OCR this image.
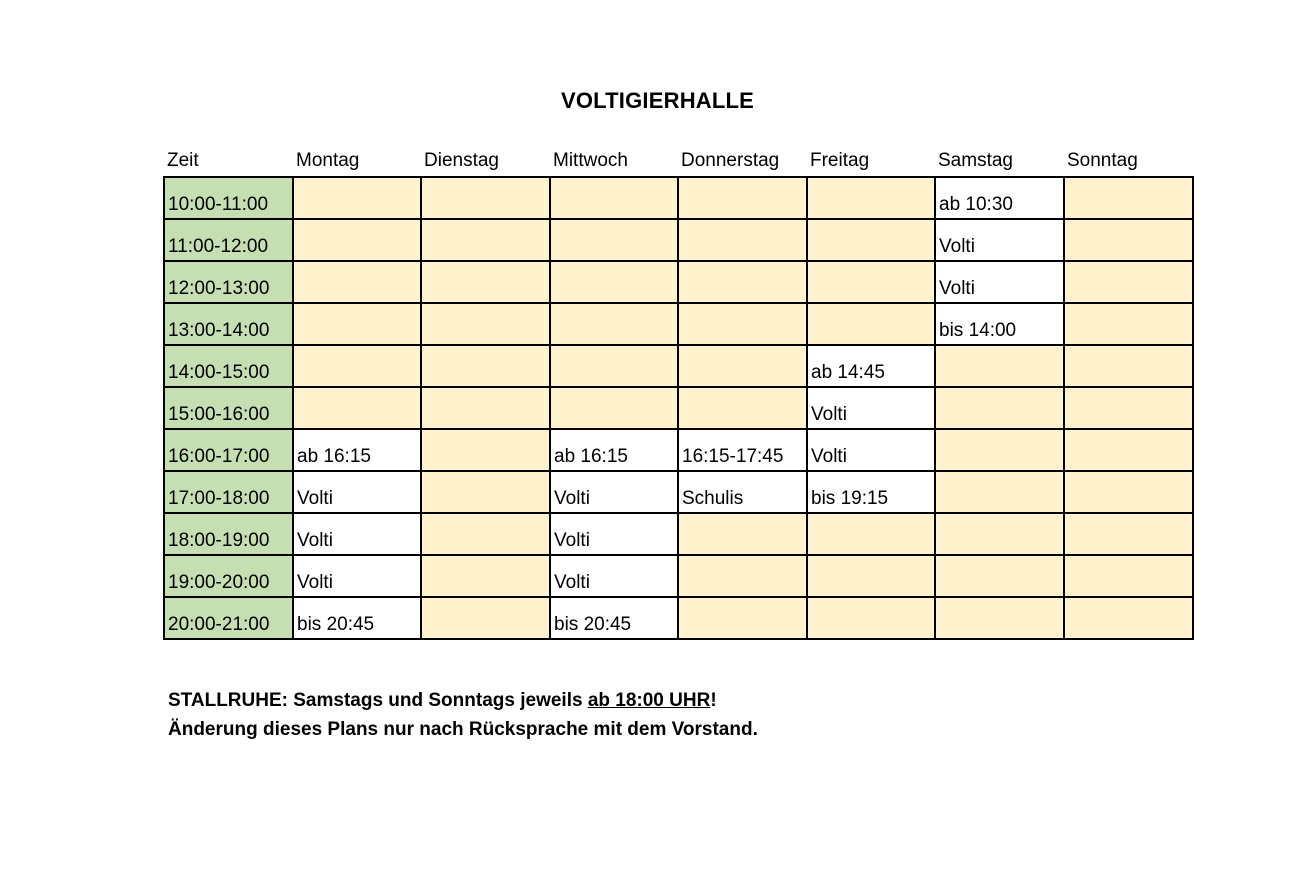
VOLTIGIERHALLE
Zeit	Montag	Dienstag	Mittwoch	Donnerstag	Freitag	Samstag	Sonntag
10:00-11:00						ab 10:30	
11:00-12:00						Volti	
12:00-13:00						Volti	
13:00-14:00						bis 14:00	
14:00-15:00					ab 14:45		
15:00-16:00					Volti		
16:00-17:00	ab 16:15		ab 16:15	16:15-17:45	Volti		
17:00-18:00	Volti		Volti	Schulis	bis 19:15		
18:00-19:00	Volti		Volti				
19:00-20:00	Volti		Volti				
20:00-21:00	bis 20:45		bis 20:45				
STALLRUHE: Samstags und Sonntags jeweils ab 18:00 UHR!
Änderung dieses Plans nur nach Rücksprache mit dem Vorstand.
